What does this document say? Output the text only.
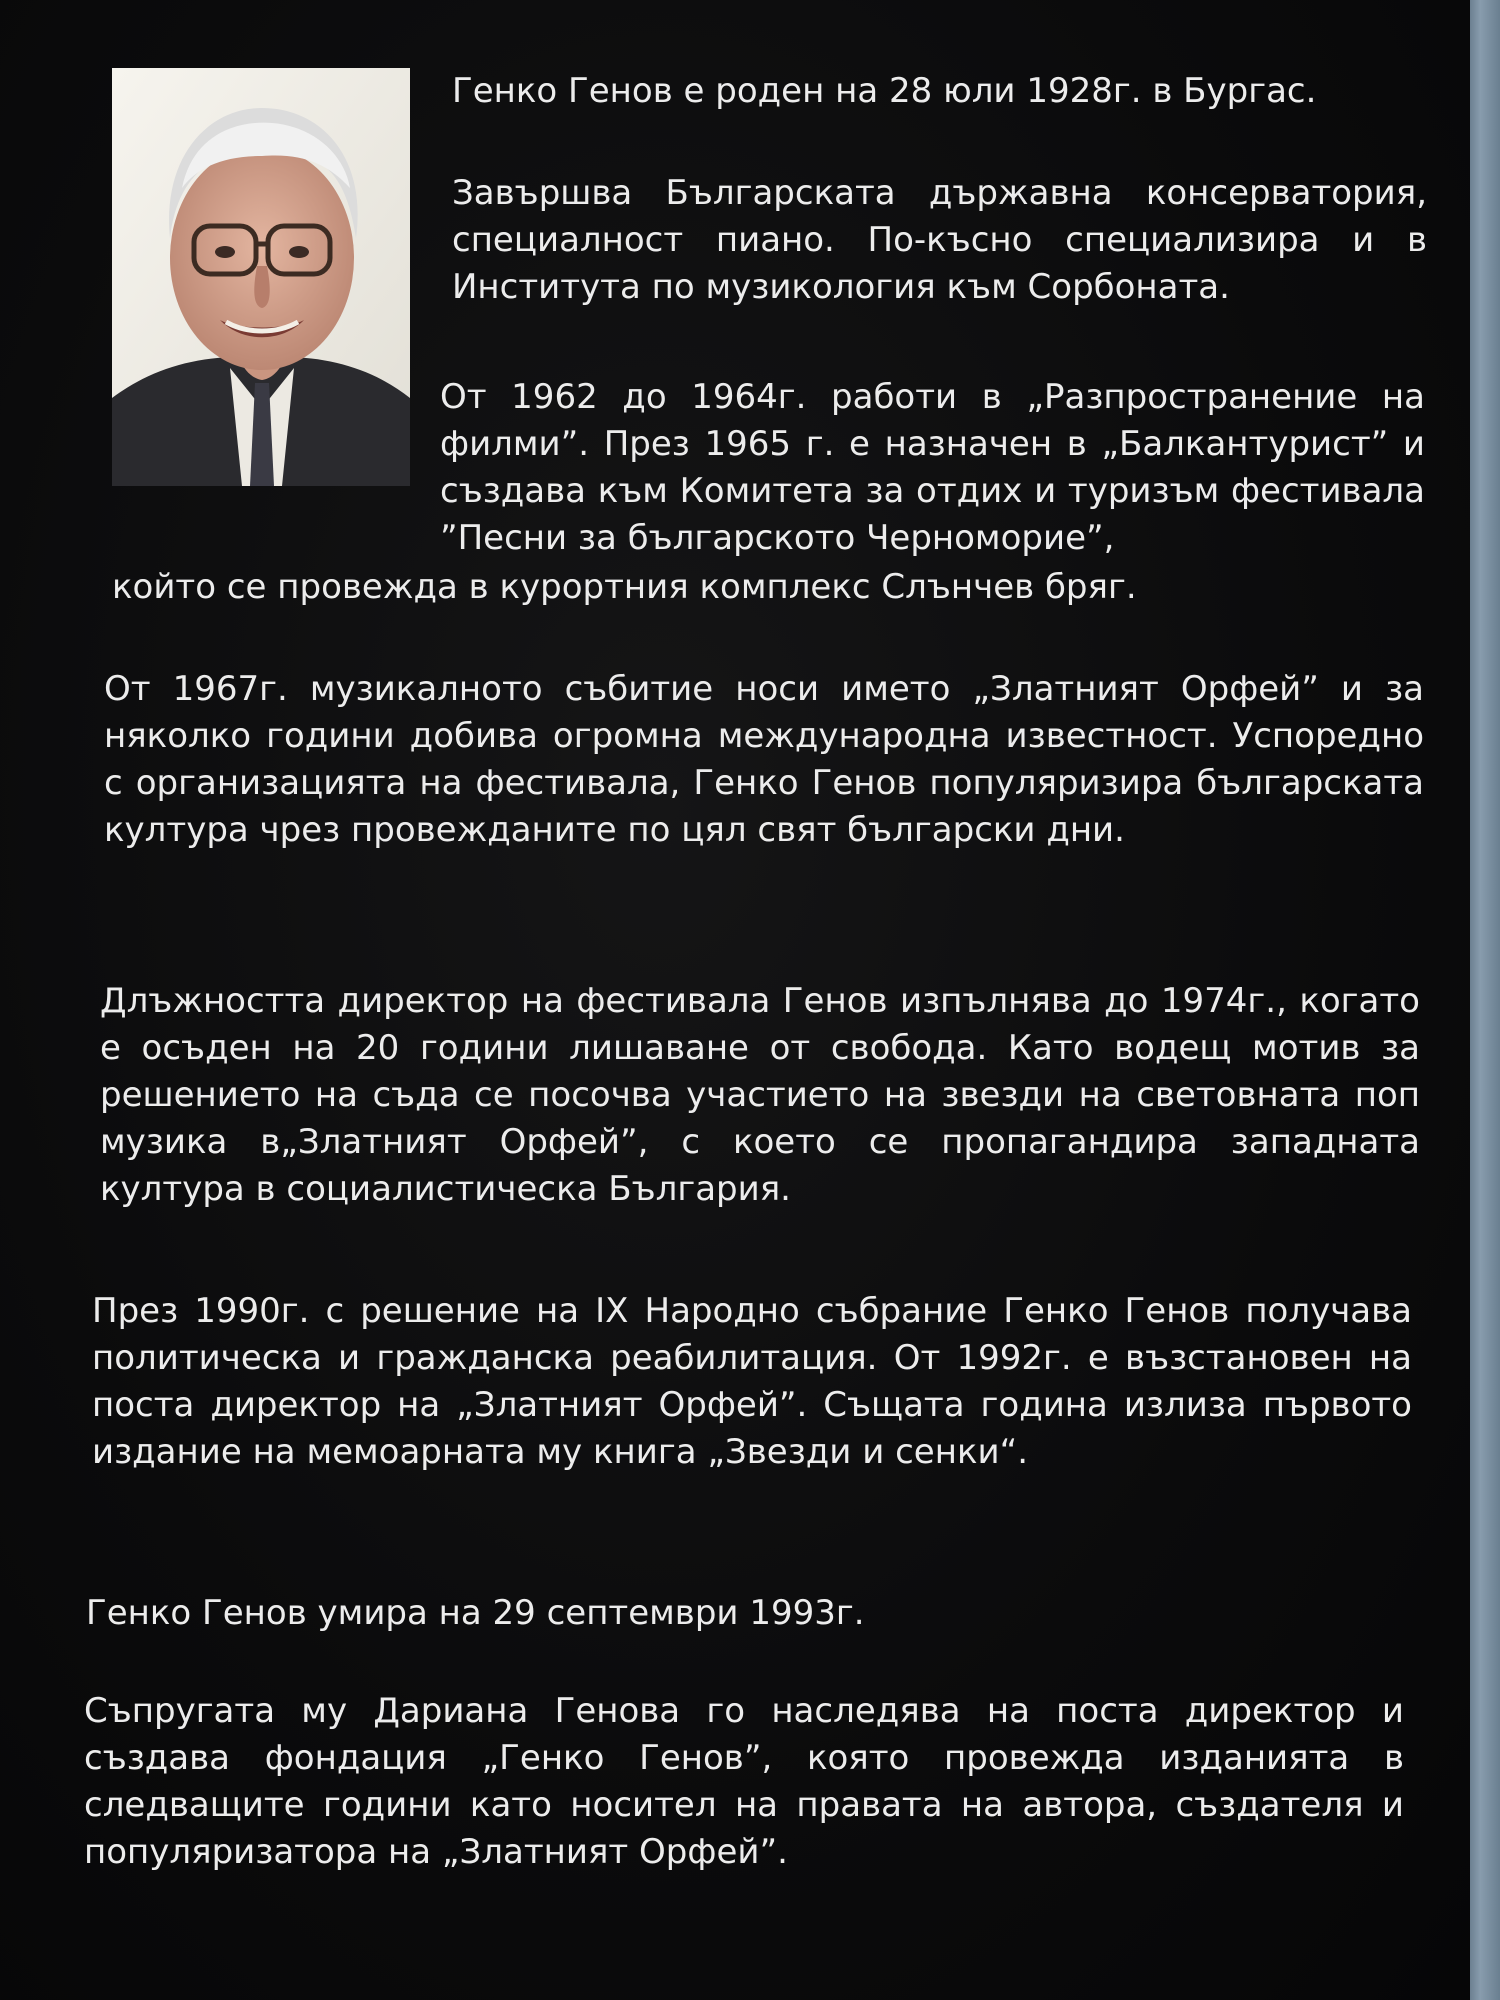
Генко Генов е роден на 28 юли 1928г. в Бургас.

Завършва Българската държавна консерватория, специалност пиано. По-късно специализира и в Института по музикология към Сорбоната.

От 1962 до 1964г. работи в „Разпространение на филми”. През 1965 г. е назначен в „Балкантурист” и създава към Комитета за отдих и туризъм фестивала ”Песни за българското Черноморие”,

който се провежда в курортния комплекс Слънчев бряг.

От 1967г. музикалното събитие носи името „Златният Орфей” и за няколко години добива огромна международна известност. Успоредно с организацията на фестивала, Генко Генов популяризира българската култура чрез провежданите по цял свят български дни.

Длъжността директор на фестивала Генов изпълнява до 1974г., когато е осъден на 20 години лишаване от свобода. Като водещ мотив за решението на съда се посочва участието на звезди на световната поп музика в„Златният Орфей”, с което се пропагандира западната култура в социалистическа България.

През 1990г. с решение на IX Народно събрание Генко Генов получава политическа и гражданска реабилитация. От 1992г. е възстановен на поста директор на „Златният Орфей”. Същата година излиза първото издание на мемоарната му книга „Звезди и сенки“.

Генко Генов умира на 29 септември 1993г.

Съпругата му Дариана Генова го наследява на поста директор и създава фондация „Генко Генов”, която провежда изданията в следващите години като носител на правата на автора, създателя и популяризатора на „Златният Орфей”.
